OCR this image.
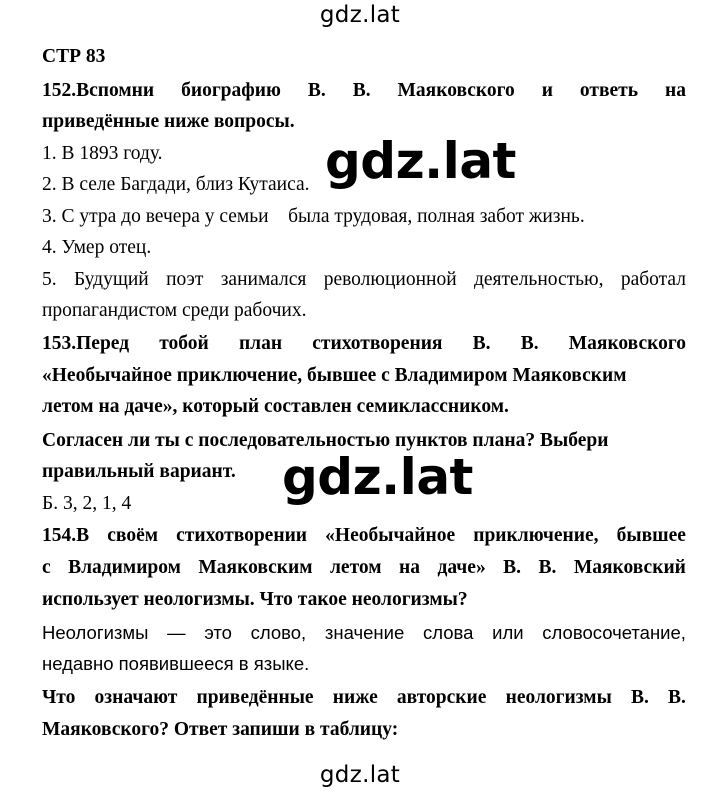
gdz.lat
СТР 83
152.Вспомни биографию В. В. Маяковского и ответь на
приведённые ниже вопросы.
1. В 1893 году.
2. В селе Багдади, близ Кутаиса.
3. С утра до вечера у семьи    была трудовая, полная забот жизнь.
4. Умер отец.
5. Будущий поэт занимался революционной деятельностью, работал
пропагандистом среди рабочих.
153.Перед тобой план стихотворения В. В. Маяковского
«Необычайное приключение, бывшее с Владимиром Маяковским
летом на даче», который составлен семиклассником.
Согласен ли ты с последовательностью пунктов плана? Выбери
правильный вариант.
Б. 3, 2, 1, 4
154.В своём стихотворении «Необычайное приключение, бывшее
с Владимиром Маяковским летом на даче» В. В. Маяковский
использует неологизмы. Что такое неологизмы?
Неологизмы — это слово, значение слова или словосочетание,
недавно появившееся в языке.
Что означают приведённые ниже авторские неологизмы В. В.
Маяковского? Ответ запиши в таблицу:
gdz.lat
gdz.lat
gdz.lat
